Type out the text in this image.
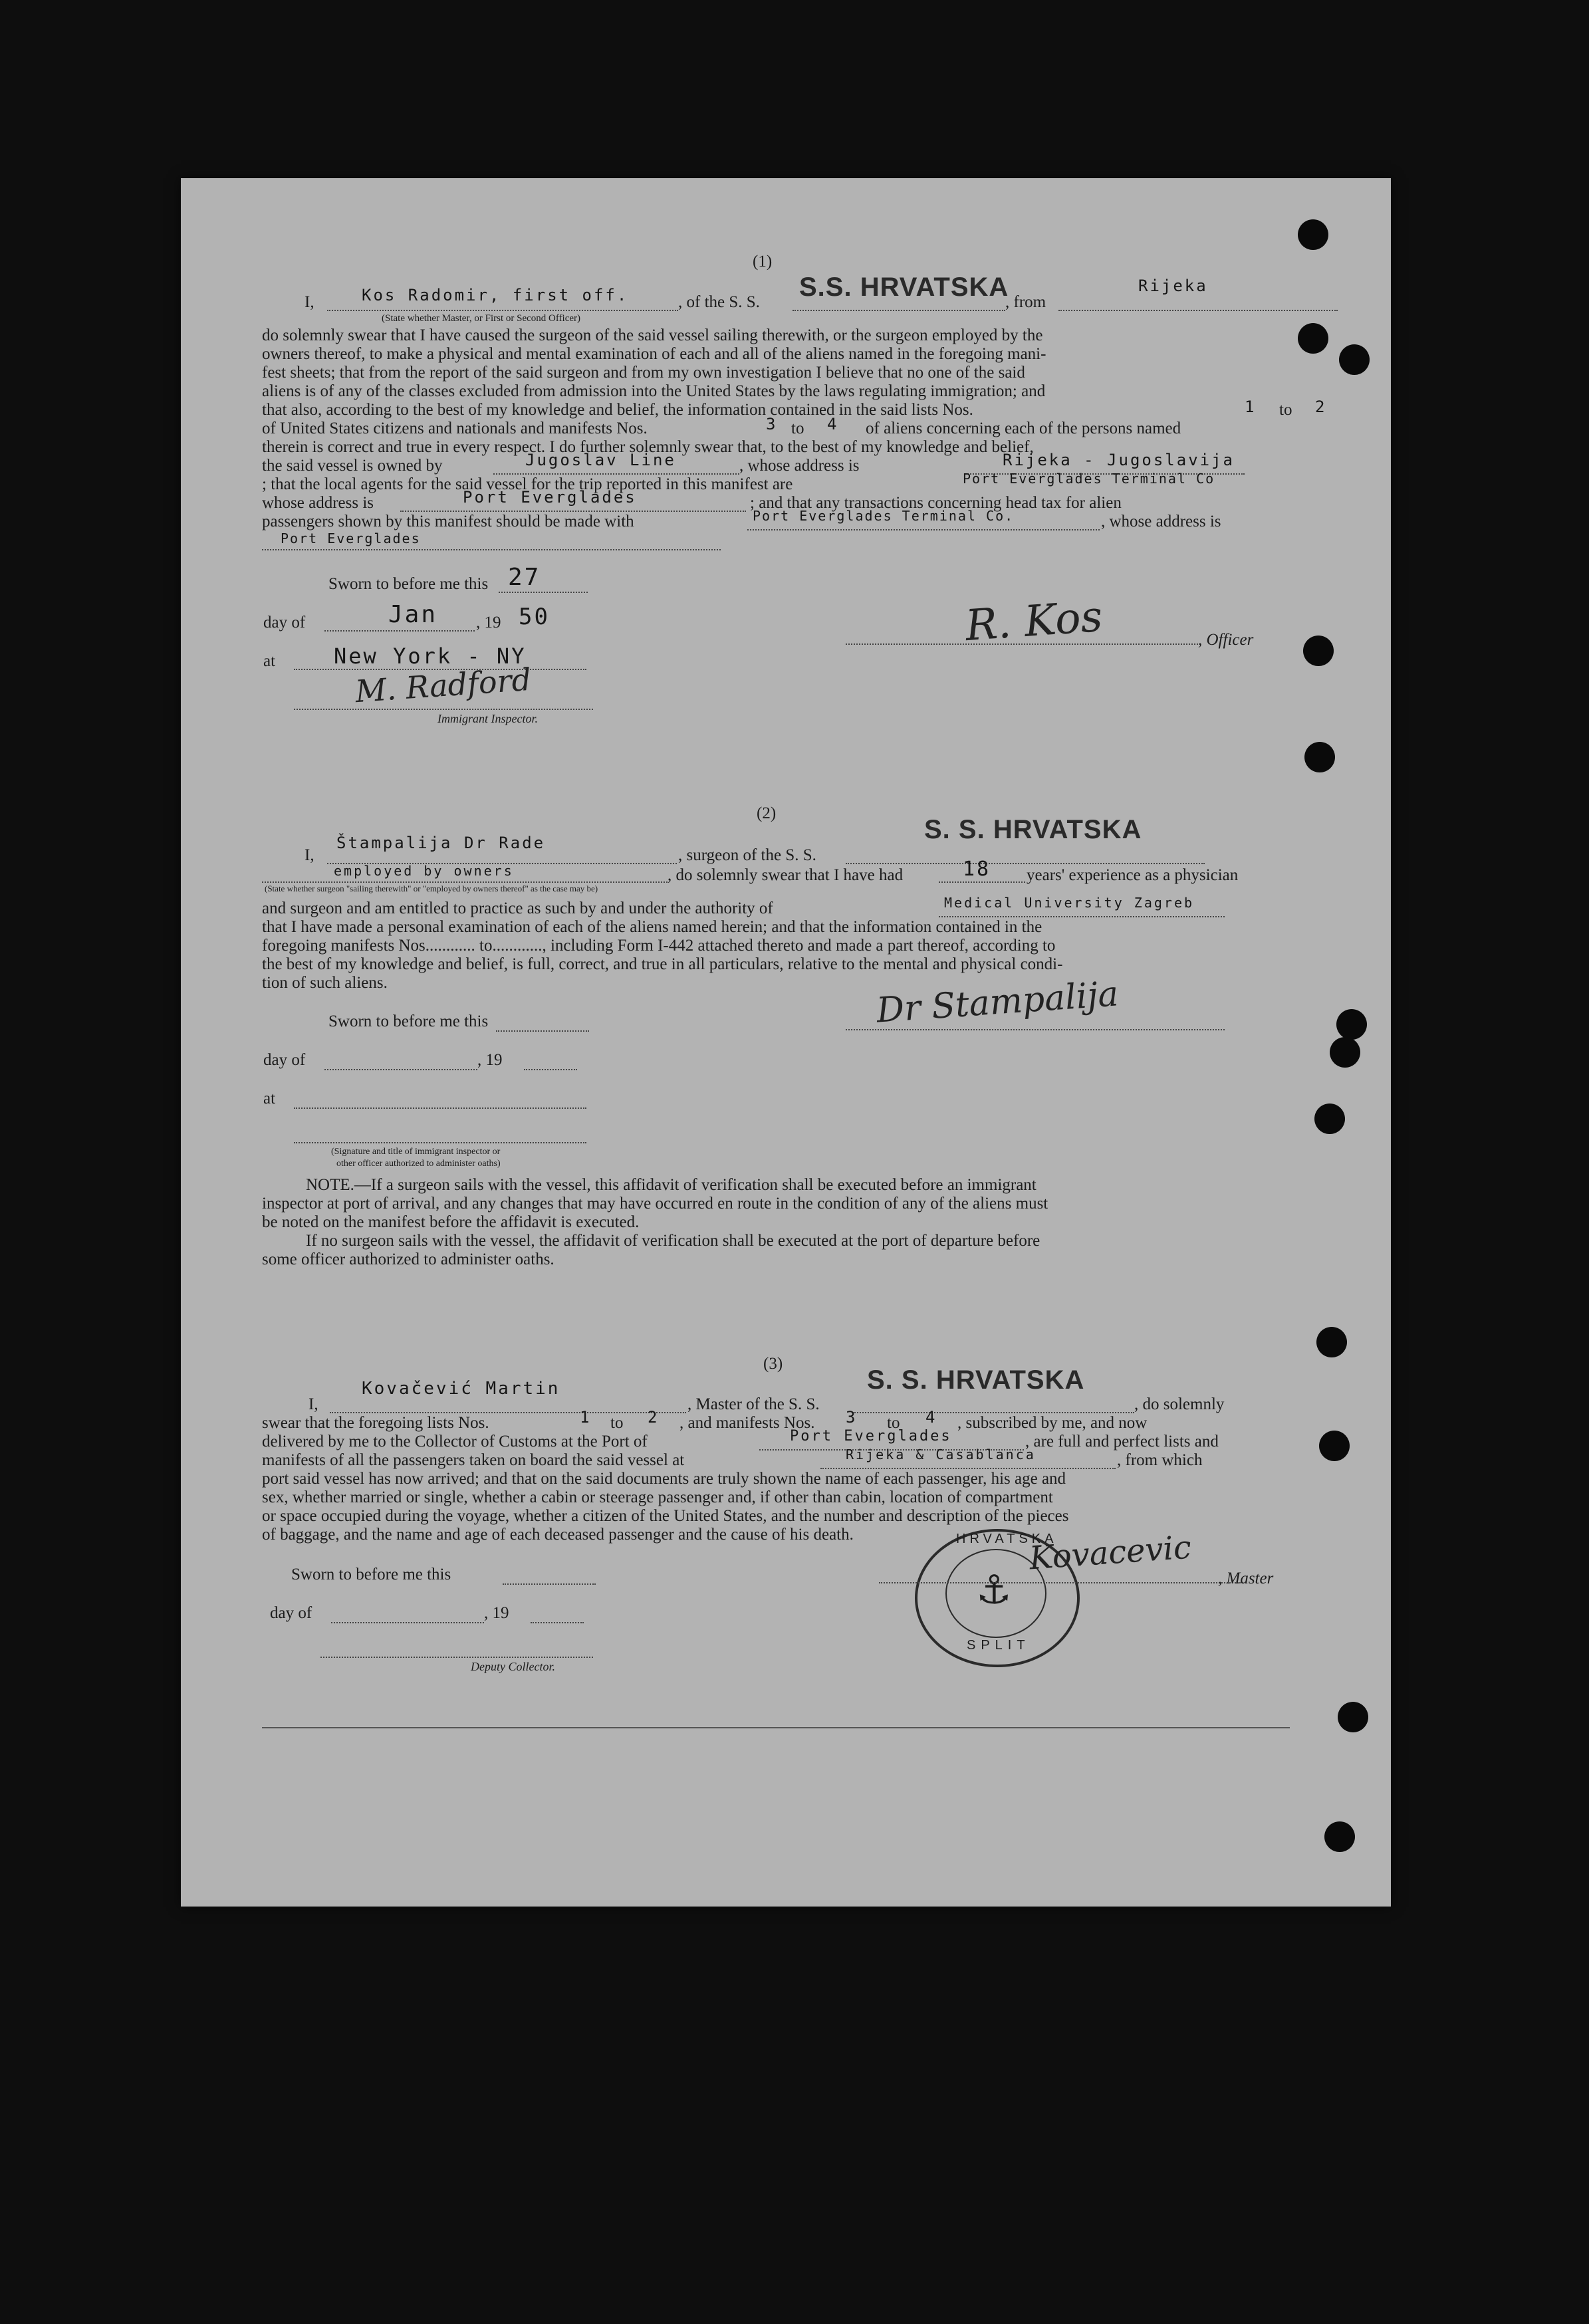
(1)
I,	Kos Radomir, first off.	, of the S. S.
S.S. HRVATSKA
, from
Rijeka
(State whether Master, or First or Second Officer)
do solemnly swear that I have caused the surgeon of the said vessel sailing therewith, or the surgeon employed by the
owners thereof, to make a physical and mental examination of each and all of the aliens named in the foregoing mani-
fest sheets; that from the report of the said surgeon and from my own investigation I believe that no one of the said
aliens is of any of the classes excluded from admission into the United States by the laws regulating immigration; and
that also, according to the best of my knowledge and belief, the information contained in the said lists Nos.	1 to 2
of United States citizens and nationals and manifests Nos.	3 to 4 of aliens concerning each of the persons named
therein is correct and true in every respect. I do further solemnly swear that, to the best of my knowledge and belief,
the said vessel is owned by	Jugoslav Line	, whose address is	Rijeka - Jugoslavija
; that the local agents for the said vessel for the trip reported in this manifest are	Port Everglades Terminal Co
whose address is	Port Everglades	; and that any transactions concerning head tax for alien
passengers shown by this manifest should be made with	Port Everglades Terminal Co.	, whose address is
Port Everglades
Sworn to before me this 27
day of	Jan , 19 50
at	New York - NY
M. Radford
Immigrant Inspector.
R. Kos	, Officer
(2)
I,
Štampalija Dr Rade
, surgeon of the S. S.
S. S. HRVATSKA
employed by owners	, do solemnly swear that I have had	18 years' experience as a physician
(State whether surgeon "sailing therewith" or "employed by owners thereof" as the case may be)
and surgeon and am entitled to practice as such by and under the authority of	Medical University Zagreb
that I have made a personal examination of each of the aliens named herein; and that the information contained in the
foregoing manifests Nos............ to............, including Form I-442 attached thereto and made a part thereof, according to
the best of my knowledge and belief, is full, correct, and true in all particulars, relative to the mental and physical condi-
tion of such aliens.
Sworn to before me this
day of	, 19
at
(Signature and title of immigrant inspector or
other officer authorized to administer oaths)
Dr Stampalija
NOTE.—If a surgeon sails with the vessel, this affidavit of verification shall be executed before an immigrant
inspector at port of arrival, and any changes that may have occurred en route in the condition of any of the aliens must
be noted on the manifest before the affidavit is executed.
If no surgeon sails with the vessel, the affidavit of verification shall be executed at the port of departure before
some officer authorized to administer oaths.
(3)
I,
Kovačević Martin
, Master of the S. S.
S. S. HRVATSKA
, do solemnly
swear that the foregoing lists Nos.	1 to 2 , and manifests Nos. 3 to 4 , subscribed by me, and now
delivered by me to the Collector of Customs at the Port of	Port Everglades	, are full and perfect lists and
manifests of all the passengers taken on board the said vessel at	Rijeka & Casablanca	, from which
port said vessel has now arrived; and that on the said documents are truly shown the name of each passenger, his age and
sex, whether married or single, whether a cabin or steerage passenger and, if other than cabin, location of compartment
or space occupied during the voyage, whether a citizen of the United States, and the number and description of the pieces
of baggage, and the name and age of each deceased passenger and the cause of his death.
Sworn to before me this
day of	, 19
Deputy Collector.
HRVATSKA
SPLIT
⚓
Kovacevic
, Master
